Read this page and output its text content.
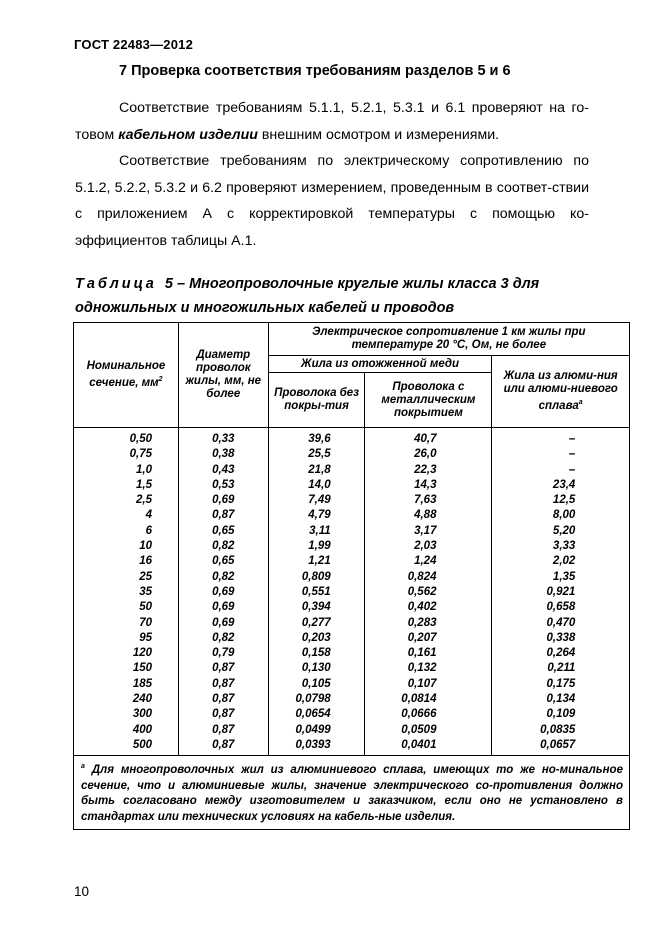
ГОСТ 22483—2012
7 Проверка соответствия требованиям разделов 5 и 6
Соответствие требованиям 5.1.1, 5.2.1, 5.3.1 и 6.1 проверяют на го-товом кабельном изделии внешним осмотром и измерениями.
Соответствие требованиям по электрическому сопротивлению по 5.1.2, 5.2.2, 5.3.2 и 6.2 проверяют измерением, проведенным в соответ-ствии с приложением А с корректировкой температуры с помощью ко-эффициентов таблицы А.1.
Таблица 5 – Многопроволочные круглые жилы класса 3 для одножильных и многожильных кабелей и проводов
Номинальное сечение, $мм^2$	Диаметр проволок жилы, мм, не более	Электрическое сопротивление 1 км жилы при температуре 20 °С, Ом, не более		
		Жила из отожженной меди		Жила из алюми-ния или алюми-ниевого сплава$^а$
		Проволока без покры-тия	Проволока с металлическим покрытием	
0,50	0,33	39,6	40,7	–
0,75	0,38	25,5	26,0	–
1,0	0,43	21,8	22,3	–
1,5	0,53	14,0	14,3	23,4
2,5	0,69	7,49	7,63	12,5
4	0,87	4,79	4,88	8,00
6	0,65	3,11	3,17	5,20
10	0,82	1,99	2,03	3,33
16	0,65	1,21	1,24	2,02
25	0,82	0,809	0,824	1,35
35	0,69	0,551	0,562	0,921
50	0,69	0,394	0,402	0,658
70	0,69	0,277	0,283	0,470
95	0,82	0,203	0,207	0,338
120	0,79	0,158	0,161	0,264
150	0,87	0,130	0,132	0,211
185	0,87	0,105	0,107	0,175
240	0,87	0,0798	0,0814	0,134
300	0,87	0,0654	0,0666	0,109
400	0,87	0,0499	0,0509	0,0835
500	0,87	0,0393	0,0401	0,0657
$^а$ Для многопроволочных жил из алюминиевого сплава, имеющих то же но-минальное сечение, что и алюминиевые жилы, значение электрического со-противления должно быть согласовано между изготовителем и заказчиком, если оно не установлено в стандартах или технических условиях на кабель-ные изделия.				
10
